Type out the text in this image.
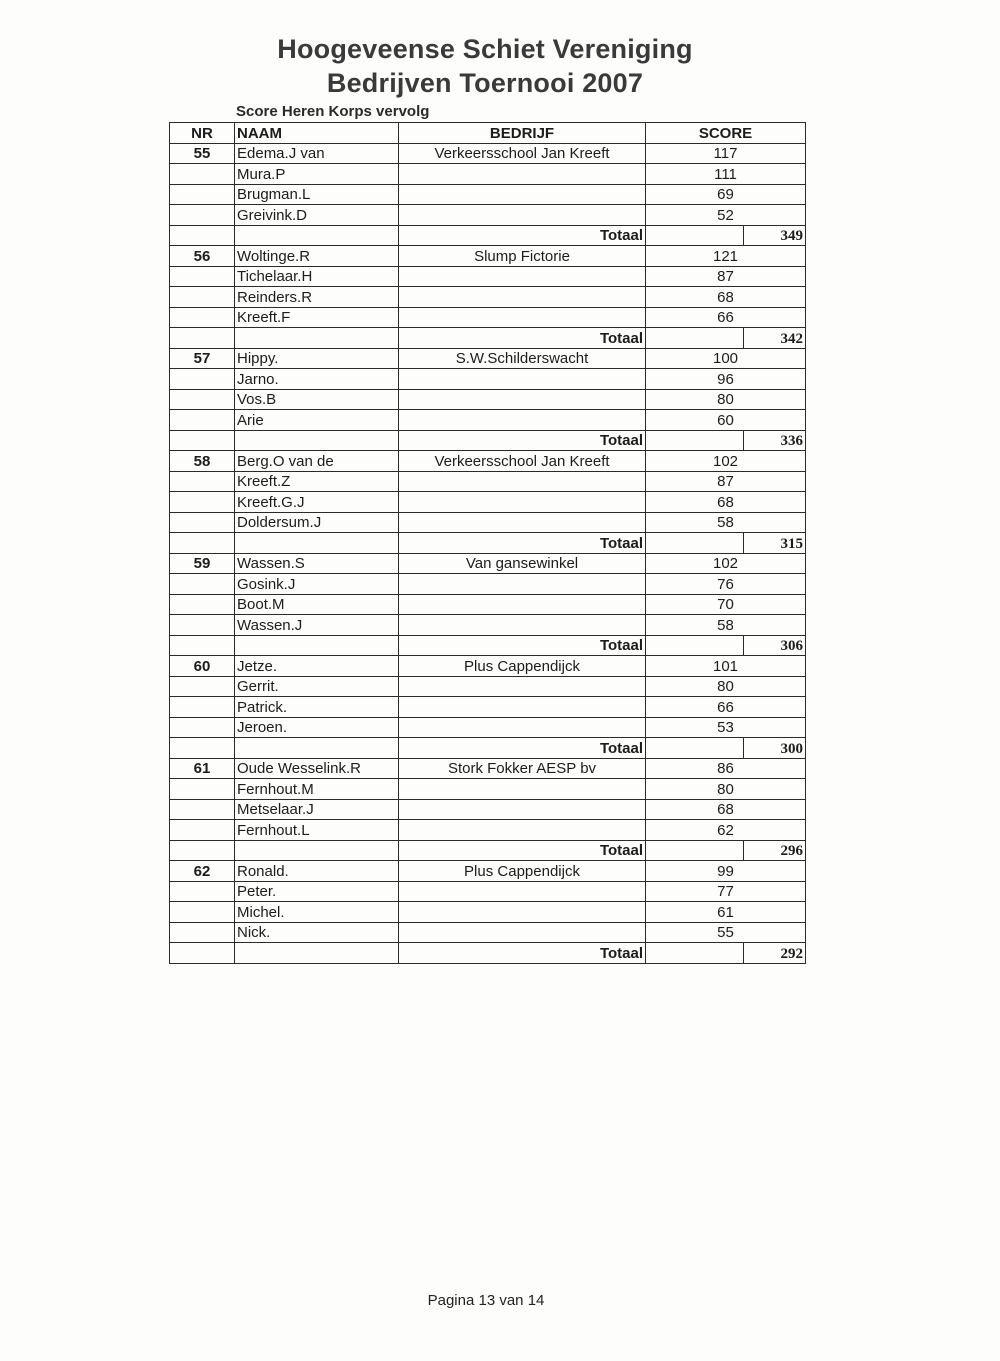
Hoogeveense Schiet Vereniging
Bedrijven Toernooi 2007
Score Heren Korps vervolg
NR	NAAM	BEDRIJF	SCORE	
55	Edema.J van	Verkeersschool Jan Kreeft	117	
	Mura.P		111	
	Brugman.L		69	
	Greivink.D		52	
		Totaal		349
56	Woltinge.R	Slump Fictorie	121	
	Tichelaar.H		87	
	Reinders.R		68	
	Kreeft.F		66	
		Totaal		342
57	Hippy.	S.W.Schilderswacht	100	
	Jarno.		96	
	Vos.B		80	
	Arie		60	
		Totaal		336
58	Berg.O van de	Verkeersschool Jan Kreeft	102	
	Kreeft.Z		87	
	Kreeft.G.J		68	
	Doldersum.J		58	
		Totaal		315
59	Wassen.S	Van gansewinkel	102	
	Gosink.J		76	
	Boot.M		70	
	Wassen.J		58	
		Totaal		306
60	Jetze.	Plus Cappendijck	101	
	Gerrit.		80	
	Patrick.		66	
	Jeroen.		53	
		Totaal		300
61	Oude Wesselink.R	Stork Fokker AESP bv	86	
	Fernhout.M		80	
	Metselaar.J		68	
	Fernhout.L		62	
		Totaal		296
62	Ronald.	Plus Cappendijck	99	
	Peter.		77	
	Michel.		61	
	Nick.		55	
		Totaal		292
Pagina 13 van 14
